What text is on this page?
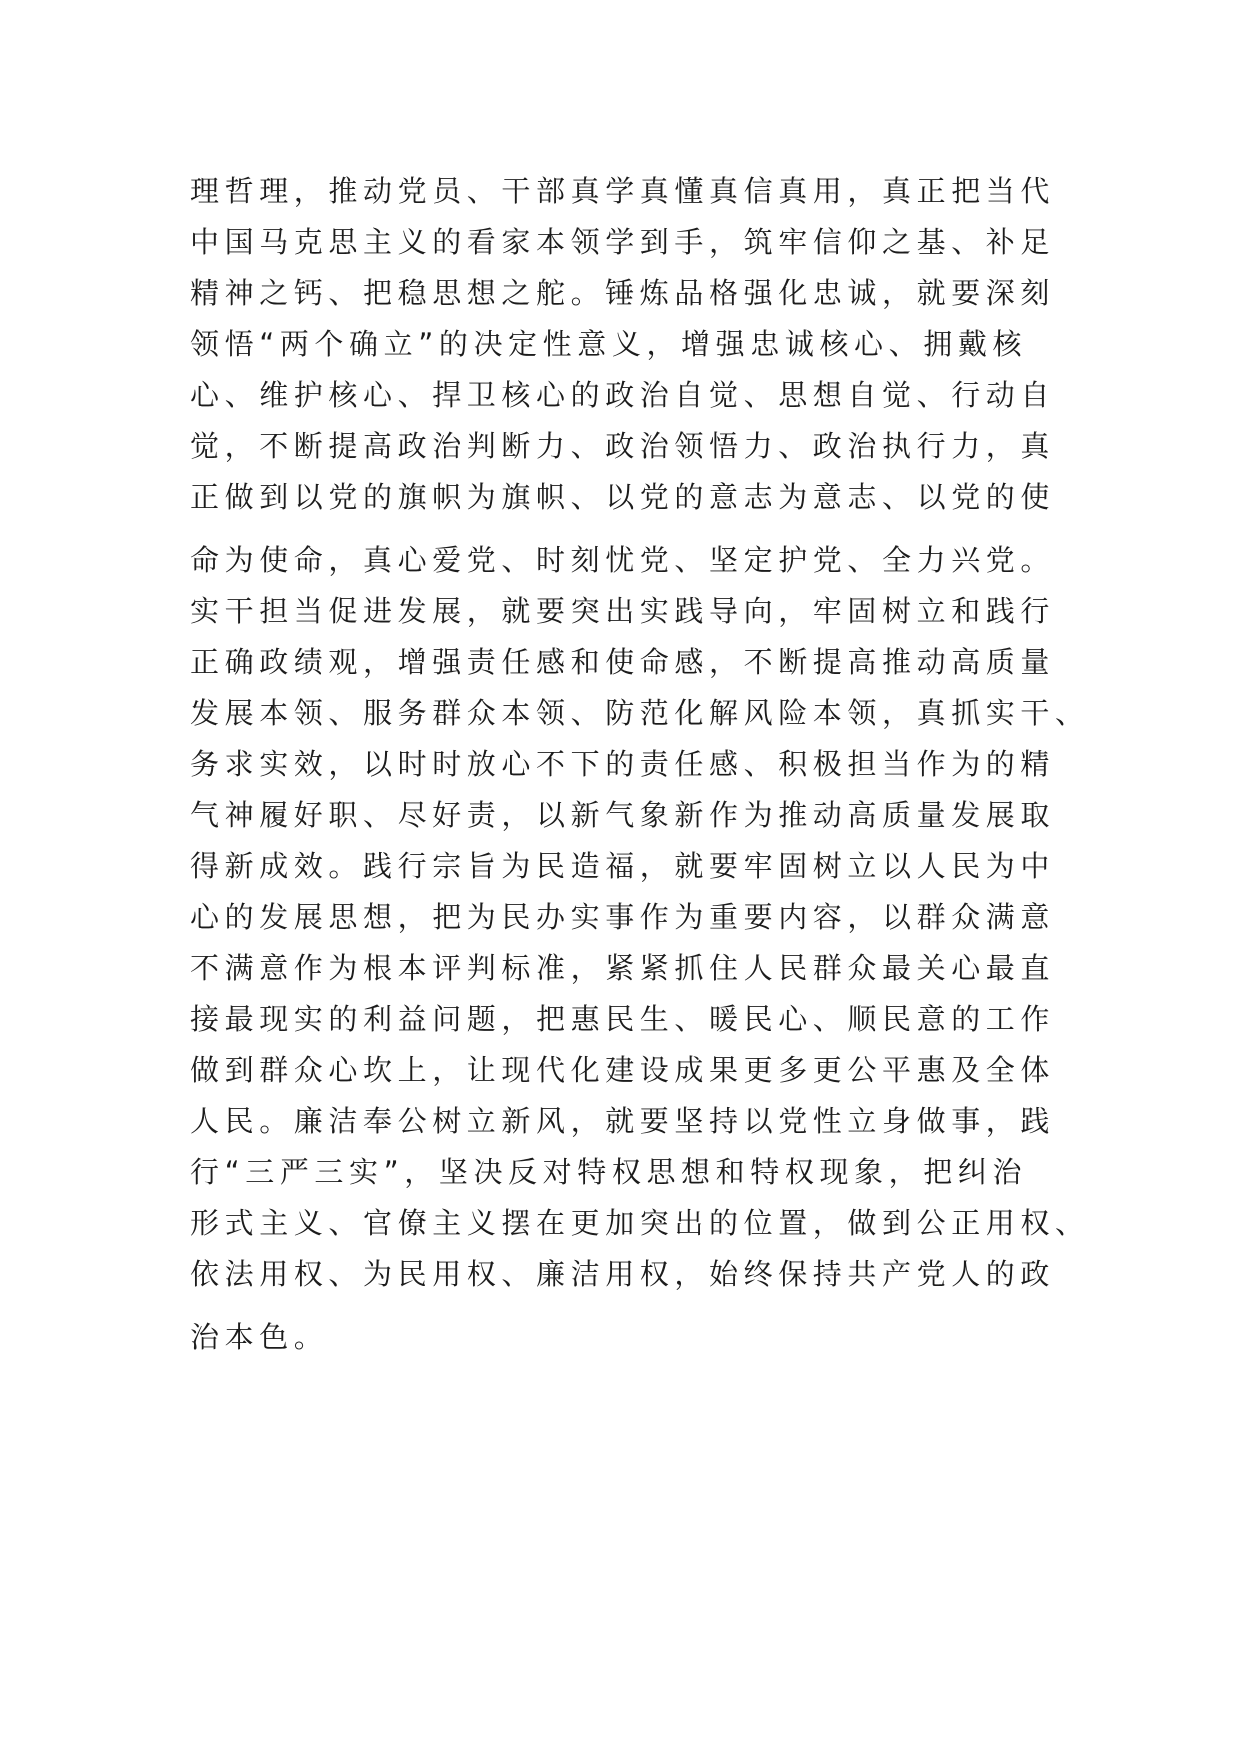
理哲理，推动党员、干部真学真懂真信真用，真正把当代
中国马克思主义的看家本领学到手，筑牢信仰之基、补足
精神之钙、把稳思想之舵。锤炼品格强化忠诚，就要深刻
领悟“两个确立”的决定性意义，增强忠诚核心、拥戴核
心、维护核心、捍卫核心的政治自觉、思想自觉、行动自
觉，不断提高政治判断力、政治领悟力、政治执行力，真
正做到以党的旗帜为旗帜、以党的意志为意志、以党的使
命为使命，真心爱党、时刻忧党、坚定护党、全力兴党。
实干担当促进发展，就要突出实践导向，牢固树立和践行
正确政绩观，增强责任感和使命感，不断提高推动高质量
发展本领、服务群众本领、防范化解风险本领，真抓实干、
务求实效，以时时放心不下的责任感、积极担当作为的精
气神履好职、尽好责，以新气象新作为推动高质量发展取
得新成效。践行宗旨为民造福，就要牢固树立以人民为中
心的发展思想，把为民办实事作为重要内容，以群众满意
不满意作为根本评判标准，紧紧抓住人民群众最关心最直
接最现实的利益问题，把惠民生、暖民心、顺民意的工作
做到群众心坎上，让现代化建设成果更多更公平惠及全体
人民。廉洁奉公树立新风，就要坚持以党性立身做事，践
行“三严三实”，坚决反对特权思想和特权现象，把纠治
形式主义、官僚主义摆在更加突出的位置，做到公正用权、
依法用权、为民用权、廉洁用权，始终保持共产党人的政
治本色。
